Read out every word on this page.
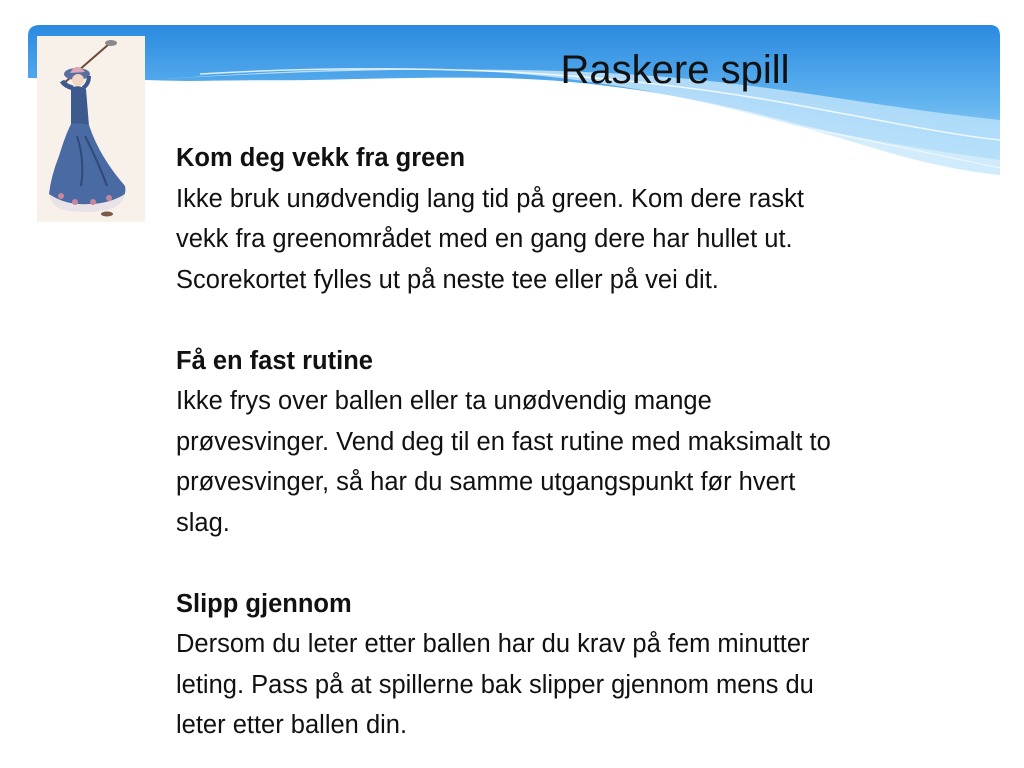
Raskere spill
Kom deg vekk fra green
Ikke bruk unødvendig lang tid på green. Kom dere raskt
vekk fra greenområdet med en gang dere har hullet ut.
Scorekortet fylles ut på neste tee eller på vei dit.
Få en fast rutine
Ikke frys over ballen eller ta unødvendig mange
prøvesvinger. Vend deg til en fast rutine med maksimalt to
prøvesvinger, så har du samme utgangspunkt før hvert
slag.
Slipp gjennom
Dersom du leter etter ballen har du krav på fem minutter
leting. Pass på at spillerne bak slipper gjennom mens du
leter etter ballen din.
